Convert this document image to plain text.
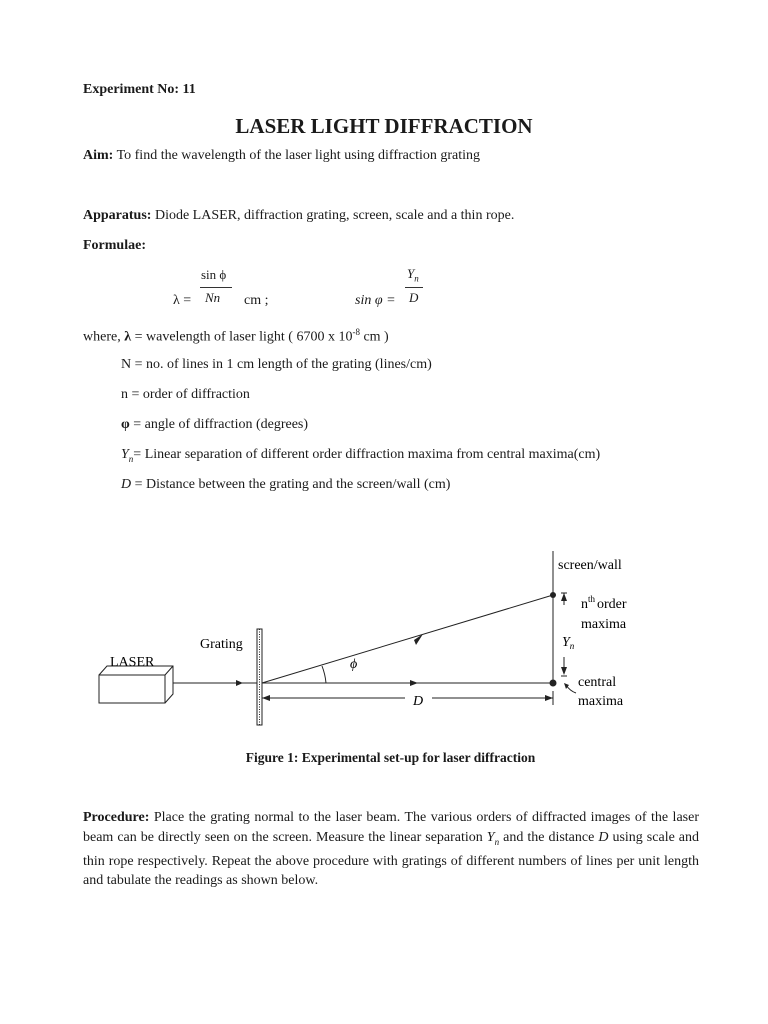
Experiment No: 11
LASER LIGHT DIFFRACTION
Aim: To find the wavelength of the laser light using diffraction grating
Apparatus: Diode LASER, diffraction grating, screen, scale and a thin rope.
Formulae:
sin ϕ
λ = Nn cm ;
$Y_n$
sin φ = D
where, λ = wavelength of laser light ( 6700 x $10^{-8}$ cm )
N = no. of lines in 1 cm length of the grating (lines/cm)
n = order of diffraction
φ = angle of diffraction (degrees)
$Y_n=$ Linear separation of different order diffraction maxima from central maxima(cm)
D = Distance between the grating and the screen/wall (cm)
LASER
Grating
ϕ
D
screen/wall
$Y_n$
$n^{th}$ order
maxima
central
maxima
Figure 1: Experimental set-up for laser diffraction
Procedure: Place the grating normal to the laser beam. The various orders of diffracted images of the laser beam can be directly seen on the screen. Measure the linear separation $Y_n$ and the distance D using scale and thin rope respectively. Repeat the above procedure with gratings of different numbers of lines per unit length and tabulate the readings as shown below.
